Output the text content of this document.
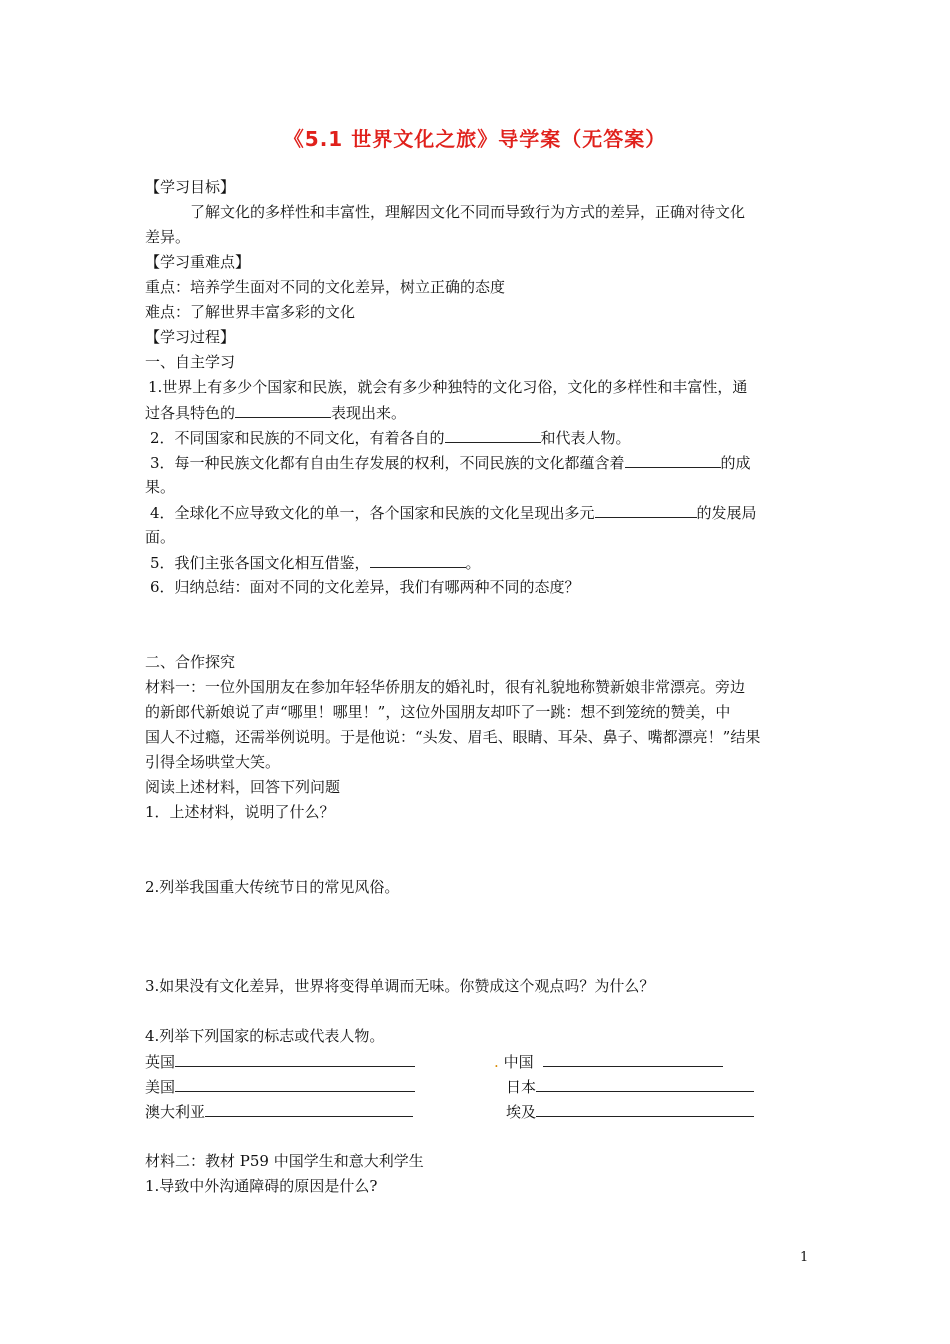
《5.1 世界文化之旅》导学案（无答案）
【学习目标】
了解文化的多样性和丰富性，理解因文化不同而导致行为方式的差异，正确对待文化
差异。
【学习重难点】
重点：培养学生面对不同的文化差异，树立正确的态度
难点：了解世界丰富多彩的文化
【学习过程】
一、自主学习
1.世界上有多少个国家和民族，就会有多少种独特的文化习俗，文化的多样性和丰富性，通
过各具特色的	表现出来。
2．不同国家和民族的不同文化，有着各自的	和代表人物。
3．每一种民族文化都有自由生存发展的权利，不同民族的文化都蕴含着	的成
果。
4．全球化不应导致文化的单一，各个国家和民族的文化呈现出多元	的发展局
面。
5．我们主张各国文化相互借鉴，	。
6．归纳总结：面对不同的文化差异，我们有哪两种不同的态度？
二、合作探究
材料一：一位外国朋友在参加年轻华侨朋友的婚礼时，很有礼貌地称赞新娘非常漂亮。旁边
的新郎代新娘说了声“哪里！哪里！”，这位外国朋友却吓了一跳：想不到笼统的赞美，中
国人不过瘾，还需举例说明。于是他说：“头发、眉毛、眼睛、耳朵、鼻子、嘴都漂亮！”结果
引得全场哄堂大笑。
阅读上述材料，回答下列问题
1．上述材料，说明了什么？
2.列举我国重大传统节日的常见风俗。
3.如果没有文化差异，世界将变得单调而无味。你赞成这个观点吗？为什么？
4.列举下列国家的标志或代表人物。
英国	. 中国
美国	日本
澳大利亚	埃及
材料二：教材 P59 中国学生和意大利学生
1.导致中外沟通障碍的原因是什么?
1
